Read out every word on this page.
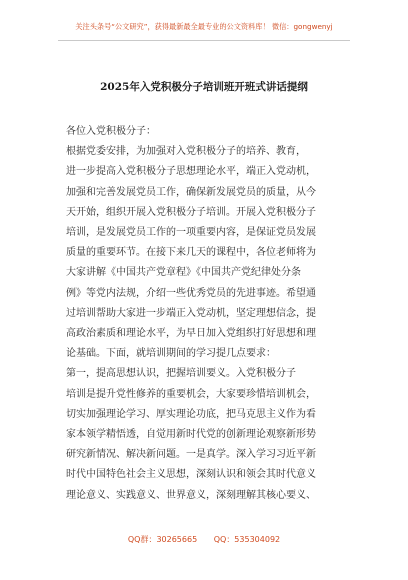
关注头条号“公文研究”，获得最新最全最专业的公文资料库！ 微信：gongwenyj
2025年入党积极分子培训班开班式讲话提纲

各位入党积极分子：

根据党委安排，为加强对入党积极分子的培养、教育，
进一步提高入党积极分子思想理论水平，端正入党动机，
加强和完善发展党员工作，确保新发展党员的质量，从今
天开始，组织开展入党积极分子培训。开展入党积极分子
培训，是发展党员工作的一项重要内容，是保证党员发展
质量的重要环节。在接下来几天的课程中，各位老师将为
大家讲解《中国共产党章程》《中国共产党纪律处分条
例》等党内法规，介绍一些优秀党员的先进事迹。希望通
过培训帮助大家进一步端正入党动机，坚定理想信念，提
高政治素质和理论水平，为早日加入党组织打好思想和理
论基础。下面，就培训期间的学习提几点要求：

第一，提高思想认识，把握培训要义。入党积极分子
培训是提升党性修养的重要机会，大家要珍惜培训机会，
切实加强理论学习、厚实理论功底，把马克思主义作为看
家本领学精悟透，自觉用新时代党的创新理论观察新形势
研究新情况、解决新问题。一是真学。深入学习习近平新
时代中国特色社会主义思想，深刻认识和领会其时代意义
理论意义、实践意义、世界意义，深刻理解其核心要义、

QQ群：30265665 QQ：535304092
